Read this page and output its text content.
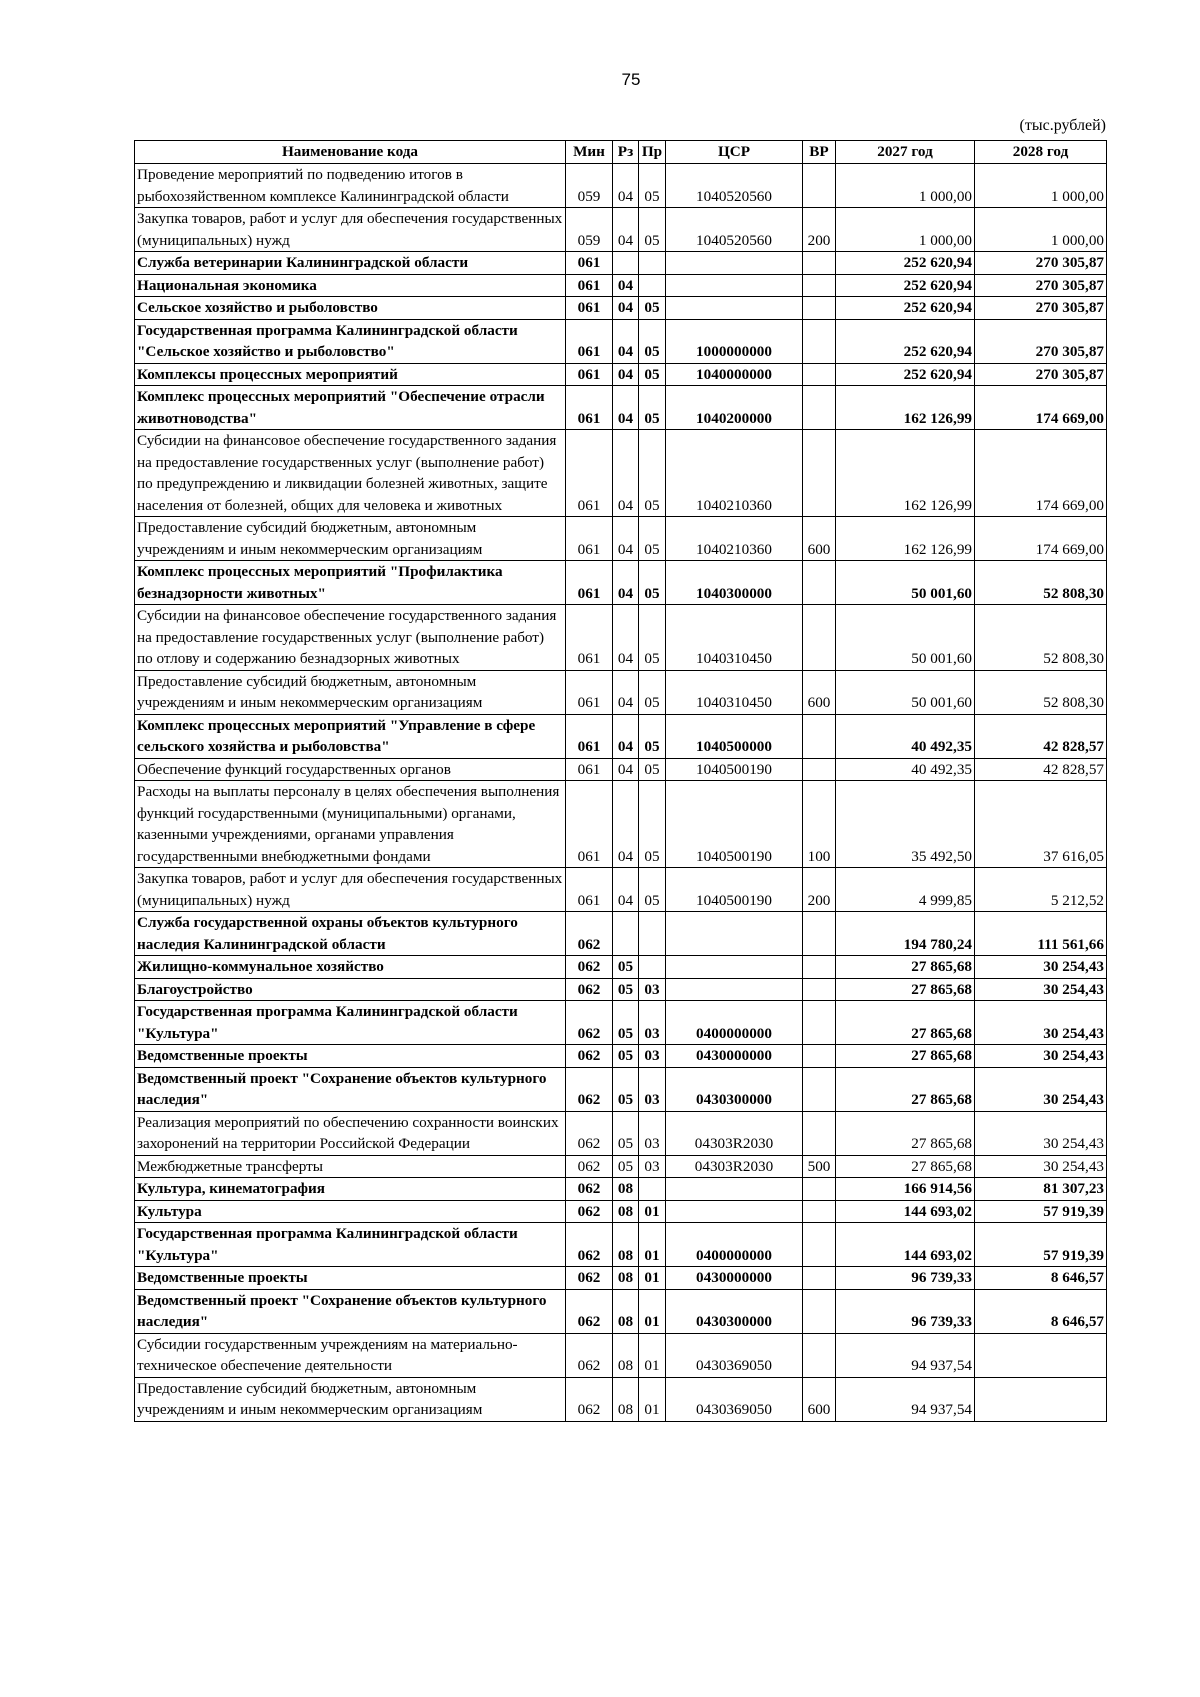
75
(тыс.рублей)
Наименование кода	Мин	Рз	Пр	ЦСР	ВР	2027 год	2028 год
Проведение мероприятий по подведению итогов в рыбохозяйственном комплексе Калининградской области	059	04	05	1040520560		1 000,00	1 000,00
Закупка товаров, работ и услуг для обеспечения государственных (муниципальных) нужд	059	04	05	1040520560	200	1 000,00	1 000,00
Служба ветеринарии Калининградской области	061					252 620,94	270 305,87
Национальная экономика	061	04				252 620,94	270 305,87
Сельское хозяйство и рыболовство	061	04	05			252 620,94	270 305,87
Государственная программа Калининградской области "Сельское хозяйство и рыболовство"	061	04	05	1000000000		252 620,94	270 305,87
Комплексы процессных мероприятий	061	04	05	1040000000		252 620,94	270 305,87
Комплекс процессных мероприятий "Обеспечение отрасли животноводства"	061	04	05	1040200000		162 126,99	174 669,00
Субсидии на финансовое обеспечение государственного задания на предоставление государственных услуг (выполнение работ) по предупреждению и ликвидации болезней животных, защите населения от болезней, общих для человека и животных	061	04	05	1040210360		162 126,99	174 669,00
Предоставление субсидий бюджетным, автономным учреждениям и иным некоммерческим организациям	061	04	05	1040210360	600	162 126,99	174 669,00
Комплекс процессных мероприятий "Профилактика безнадзорности животных"	061	04	05	1040300000		50 001,60	52 808,30
Субсидии на финансовое обеспечение государственного задания на предоставление государственных услуг (выполнение работ) по отлову и содержанию безнадзорных животных	061	04	05	1040310450		50 001,60	52 808,30
Предоставление субсидий бюджетным, автономным учреждениям и иным некоммерческим организациям	061	04	05	1040310450	600	50 001,60	52 808,30
Комплекс процессных мероприятий "Управление в сфере сельского хозяйства и рыболовства"	061	04	05	1040500000		40 492,35	42 828,57
Обеспечение функций государственных органов	061	04	05	1040500190		40 492,35	42 828,57
Расходы на выплаты персоналу в целях обеспечения выполнения функций государственными (муниципальными) органами, казенными учреждениями, органами управления государственными внебюджетными фондами	061	04	05	1040500190	100	35 492,50	37 616,05
Закупка товаров, работ и услуг для обеспечения государственных (муниципальных) нужд	061	04	05	1040500190	200	4 999,85	5 212,52
Служба государственной охраны объектов культурного наследия Калининградской области	062					194 780,24	111 561,66
Жилищно-коммунальное хозяйство	062	05				27 865,68	30 254,43
Благоустройство	062	05	03			27 865,68	30 254,43
Государственная программа Калининградской области "Культура"	062	05	03	0400000000		27 865,68	30 254,43
Ведомственные проекты	062	05	03	0430000000		27 865,68	30 254,43
Ведомственный проект "Сохранение объектов культурного наследия"	062	05	03	0430300000		27 865,68	30 254,43
Реализация мероприятий по обеспечению сохранности воинских захоронений на территории Российской Федерации	062	05	03	04303R2030		27 865,68	30 254,43
Межбюджетные трансферты	062	05	03	04303R2030	500	27 865,68	30 254,43
Культура, кинематография	062	08				166 914,56	81 307,23
Культура	062	08	01			144 693,02	57 919,39
Государственная программа Калининградской области "Культура"	062	08	01	0400000000		144 693,02	57 919,39
Ведомственные проекты	062	08	01	0430000000		96 739,33	8 646,57
Ведомственный проект "Сохранение объектов культурного наследия"	062	08	01	0430300000		96 739,33	8 646,57
Субсидии государственным учреждениям на материально-техническое обеспечение деятельности	062	08	01	0430369050		94 937,54	
Предоставление субсидий бюджетным, автономным учреждениям и иным некоммерческим организациям	062	08	01	0430369050	600	94 937,54	
